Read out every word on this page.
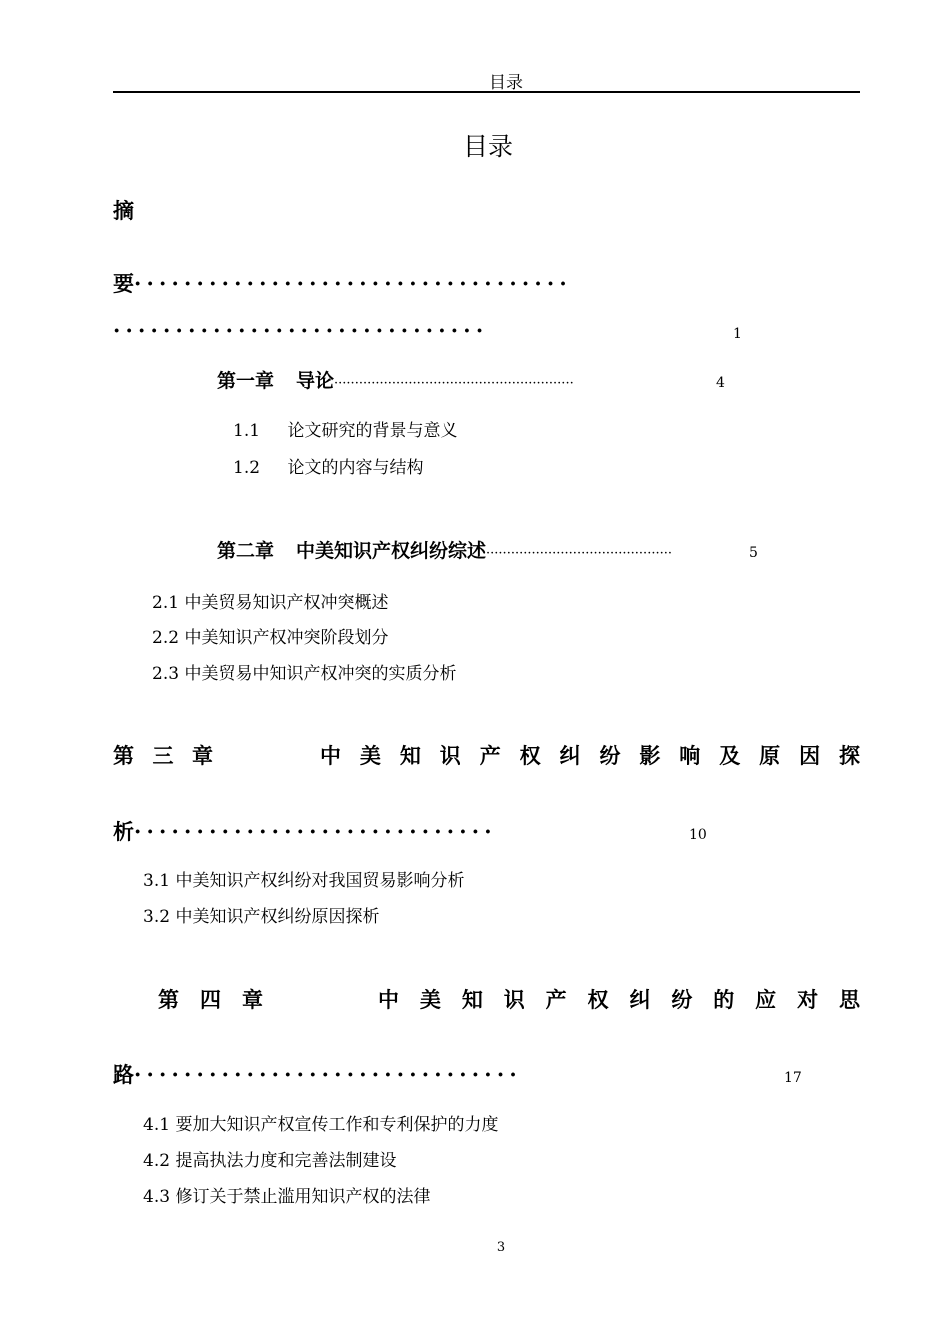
目录
目录
摘
要 ···································
······························	1
第一章 导论 ··························································	4
1.1 论文研究的背景与意义
1.2 论文的内容与结构
第二章 中美知识产权纠纷综述 ·············································	5
2.1 中美贸易知识产权冲突概述
2.2 中美知识产权冲突阶段划分
2.3 中美贸易中知识产权冲突的实质分析
第 三 章	中 美 知 识 产 权 纠 纷 影 响 及 原 因 探
析 ·····························	10
3.1 中美知识产权纠纷对我国贸易影响分析
3.2 中美知识产权纠纷原因探析
第 四 章	中 美 知 识 产 权 纠 纷 的 应 对 思
路 ·······························	17
4.1 要加大知识产权宣传工作和专利保护的力度
4.2 提高执法力度和完善法制建设
4.3 修订关于禁止滥用知识产权的法律
3
